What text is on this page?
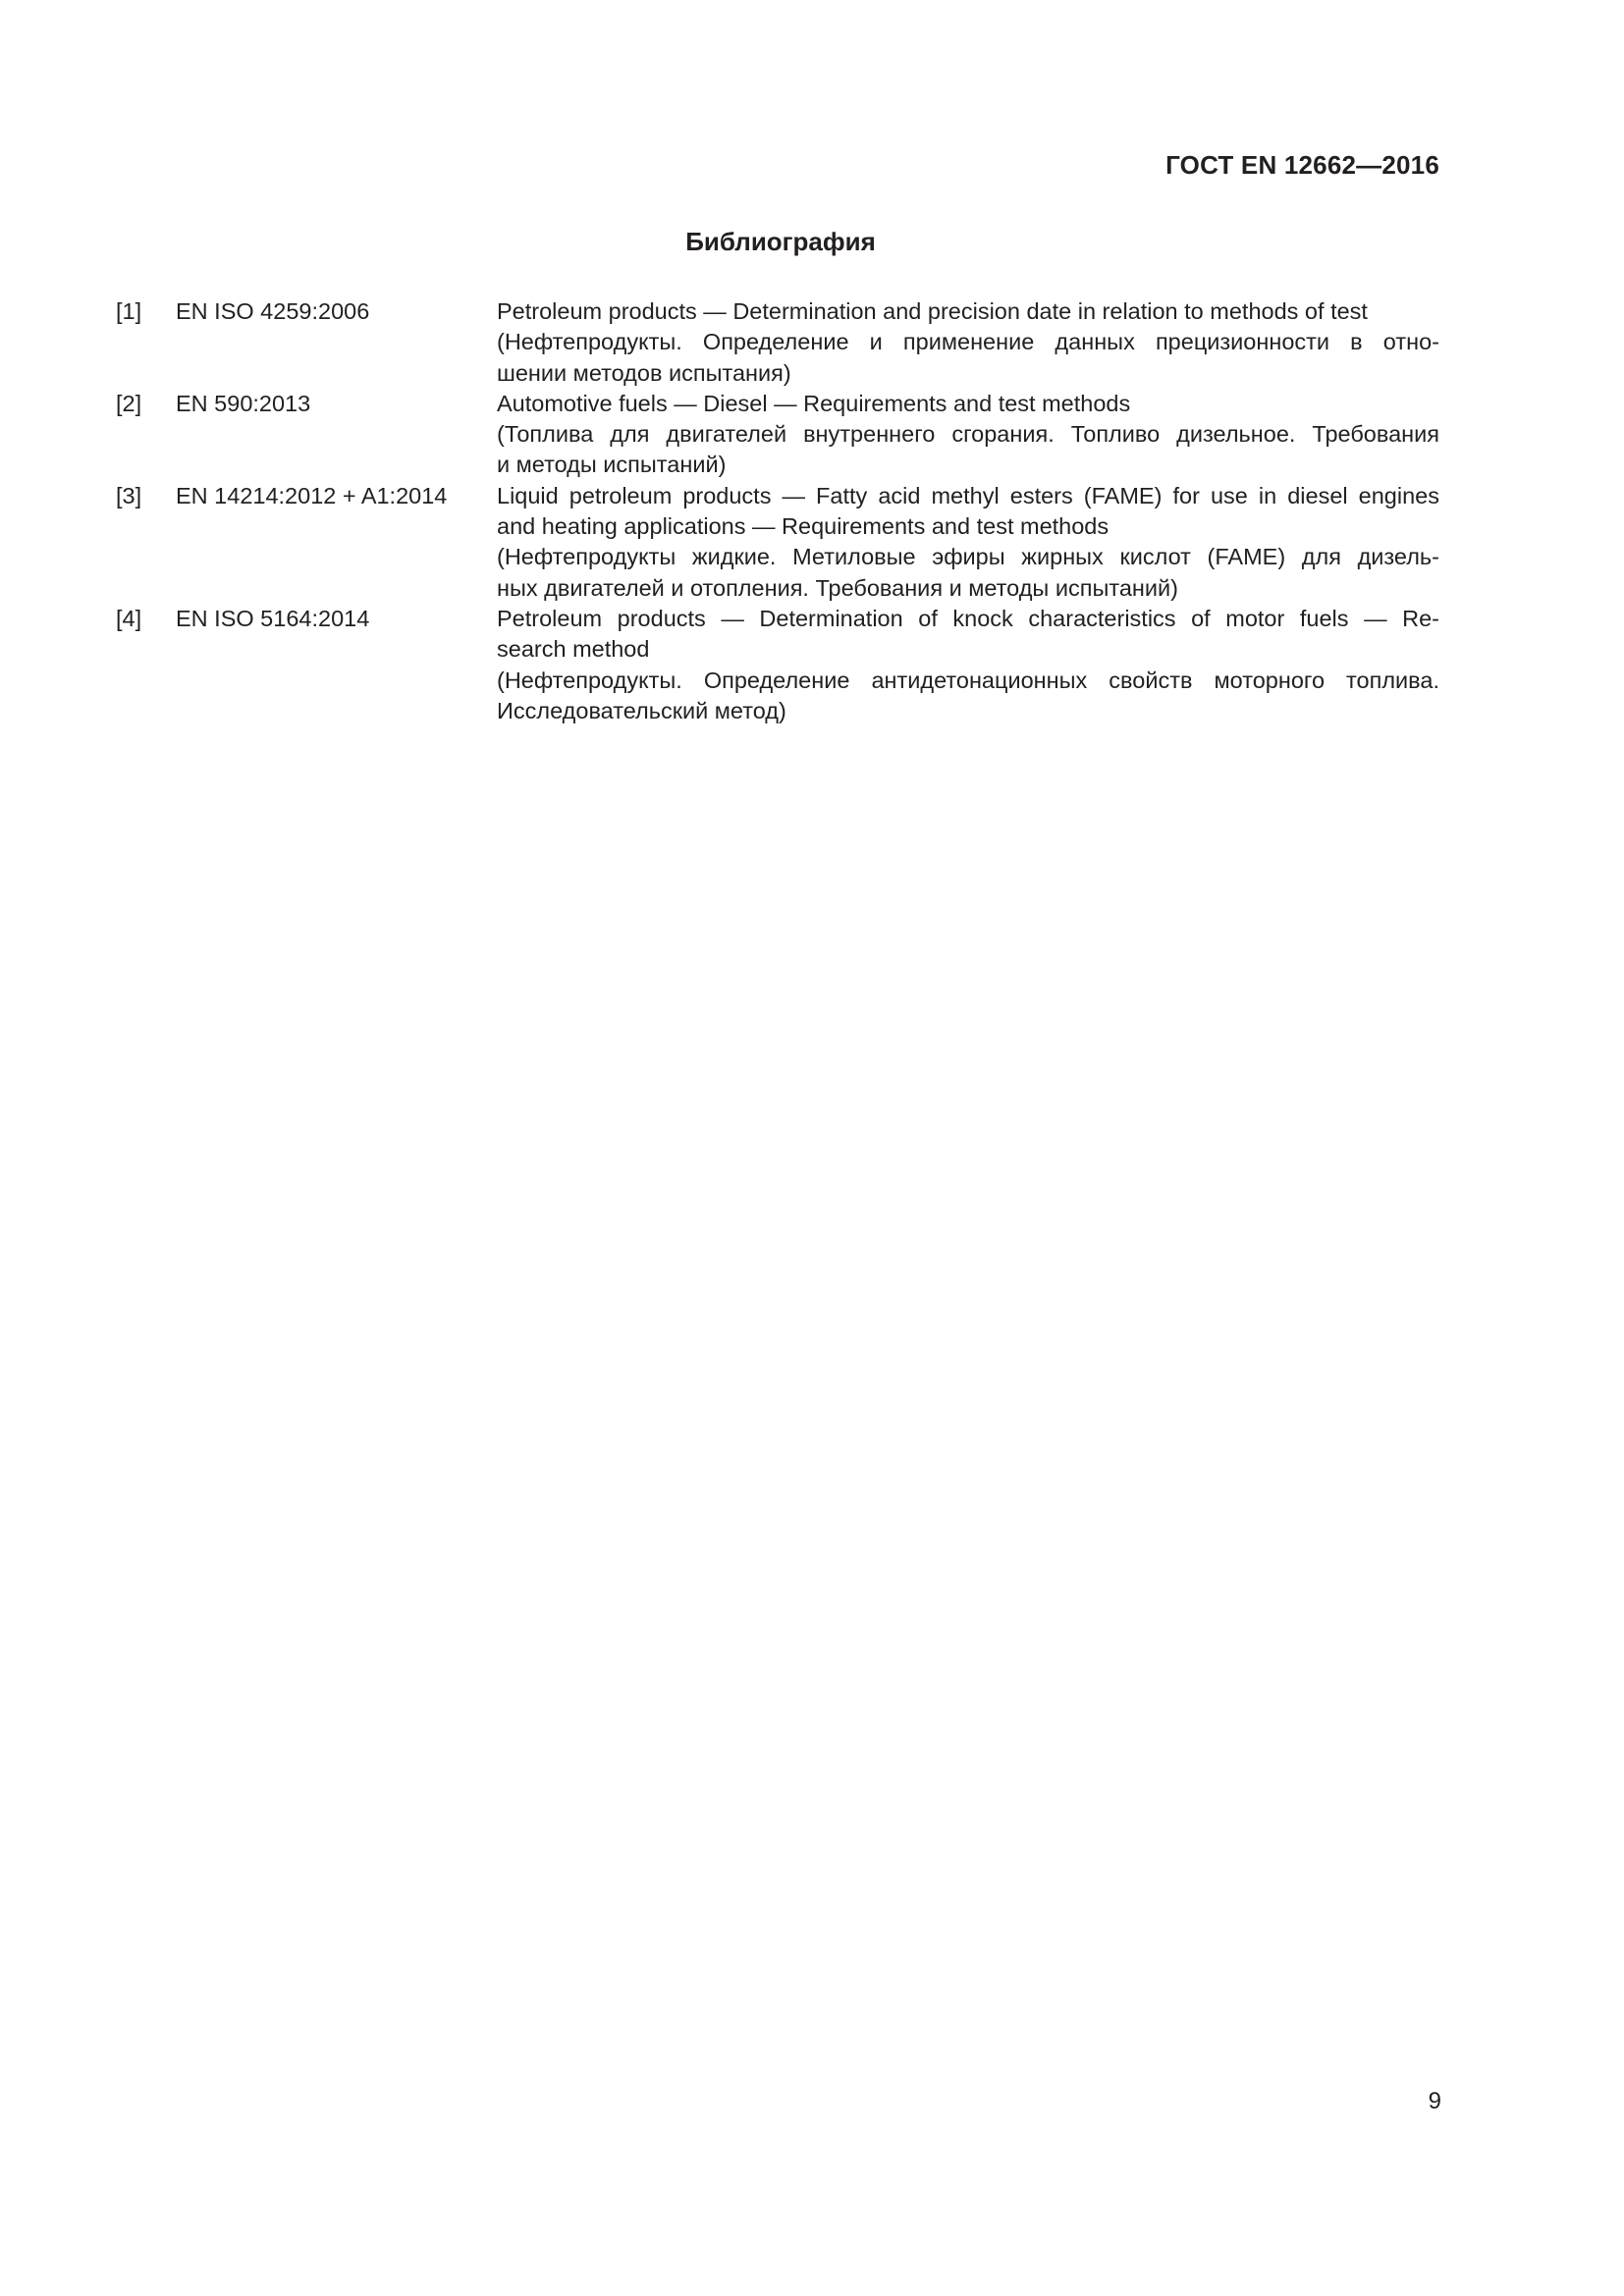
ГОСТ EN 12662—2016
Библиография
[1]	EN ISO 4259:2006	Petroleum products — Determination and precision date in relation to methods of test
(Нефтепродукты. Определение и применение данных прецизионности в отно-
шении методов испытания)
[2]	EN 590:2013	Automotive fuels — Diesel — Requirements and test methods
(Топлива для двигателей внутреннего сгорания. Топливо дизельное. Требования
и методы испытаний)
[3]	EN 14214:2012 + A1:2014	Liquid petroleum products — Fatty acid methyl esters (FAME) for use in diesel engines
and heating applications — Requirements and test methods
(Нефтепродукты жидкие. Метиловые эфиры жирных кислот (FAME) для дизель-
ных двигателей и отопления. Требования и методы испытаний)
[4]	EN ISO 5164:2014	Petroleum products — Determination of knock characteristics of motor fuels — Re-
search method
(Нефтепродукты. Определение антидетонационных свойств моторного топлива.
Исследовательский метод)
9
